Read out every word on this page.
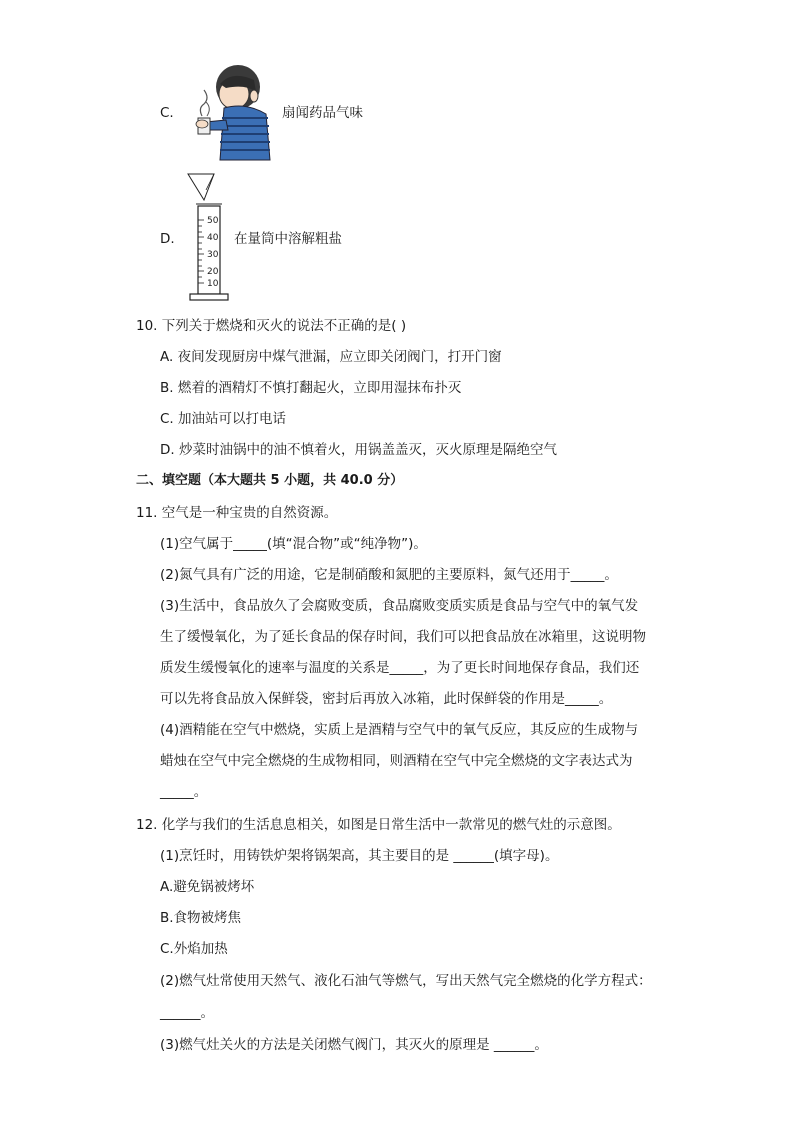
C.	扇闻药品气味
D.
50
40
30
20
10
在量筒中溶解粗盐
10. 下列关于燃烧和灭火的说法不正确的是( )
A. 夜间发现厨房中煤气泄漏，应立即关闭阀门，打开门窗
B. 燃着的酒精灯不慎打翻起火，立即用湿抹布扑灭
C. 加油站可以打电话
D. 炒菜时油锅中的油不慎着火，用锅盖盖灭，灭火原理是隔绝空气
二、填空题（本大题共 5 小题，共 40.0 分）
11. 空气是一种宝贵的自然资源。
(1)空气属于_____(填“混合物”或“纯净物”)。
(2)氮气具有广泛的用途，它是制硝酸和氮肥的主要原料，氮气还用于_____。
(3)生活中，食品放久了会腐败变质，食品腐败变质实质是食品与空气中的氧气发
生了缓慢氧化，为了延长食品的保存时间，我们可以把食品放在冰箱里，这说明物
质发生缓慢氧化的速率与温度的关系是_____，为了更长时间地保存食品，我们还
可以先将食品放入保鲜袋，密封后再放入冰箱，此时保鲜袋的作用是_____。
(4)酒精能在空气中燃烧，实质上是酒精与空气中的氧气反应，其反应的生成物与
蜡烛在空气中完全燃烧的生成物相同，则酒精在空气中完全燃烧的文字表达式为
_____。
12. 化学与我们的生活息息相关，如图是日常生活中一款常见的燃气灶的示意图。
(1)烹饪时，用铸铁炉架将锅架高，其主要目的是 ______(填字母)。
A.避免锅被烤坏
B.食物被烤焦
C.外焰加热
(2)燃气灶常使用天然气、液化石油气等燃气，写出天然气完全燃烧的化学方程式：
______。
(3)燃气灶关火的方法是关闭燃气阀门，其灭火的原理是 ______。
